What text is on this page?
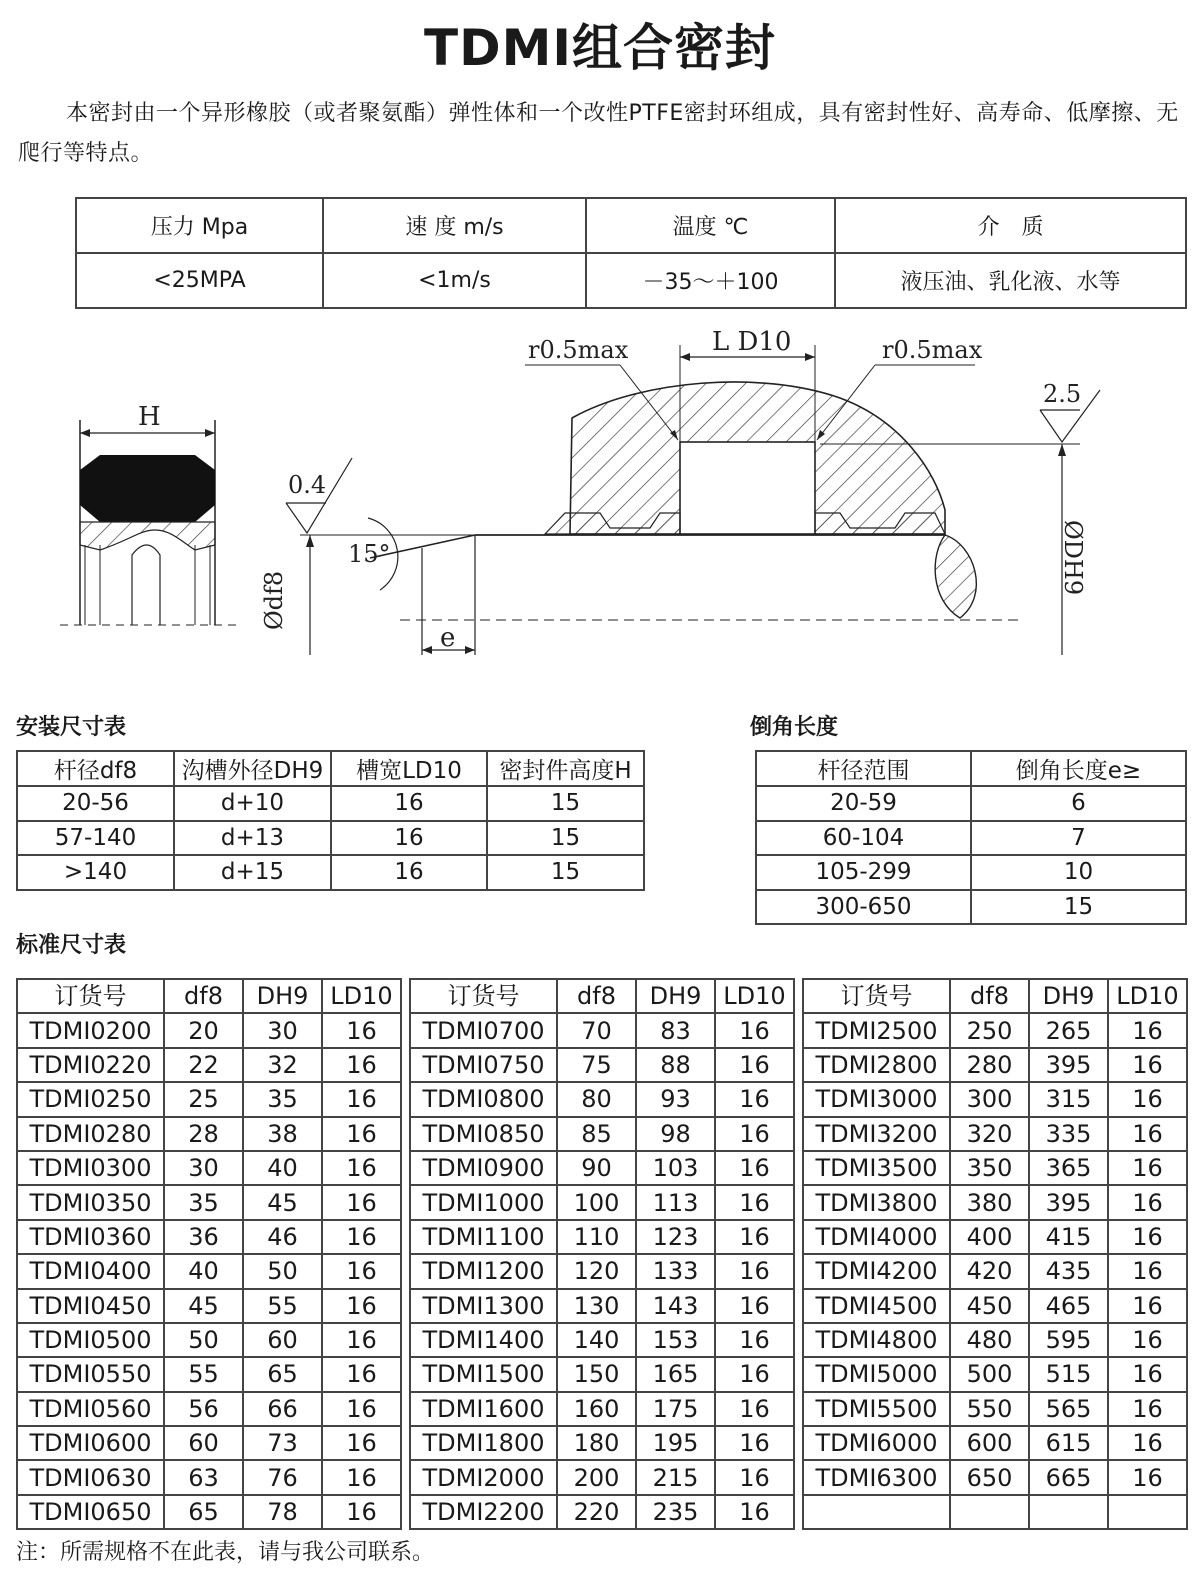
TDMI组合密封

本密封由一个异形橡胶（或者聚氨酯）弹性体和一个改性PTFE密封环组成，具有密封性好、高寿命、低摩擦、无爬行等特点。

压力 Mpa	速 度 m/s	温度 ℃	介　质
<25MPA	<1m/s	－35～＋100	液压油、乳化液、水等
H
e
L D10
r0.5max	r0.5max
2.5
ØDH9
0.4
Ødf8
15°
安装尺寸表
杆径df8	沟槽外径DH9	槽宽LD10	密封件高度H
20-56	d+10	16	15
57-140	d+13	16	15
>140	d+15	16	15
倒角长度
杆径范围	倒角长度e≥
20-59	6
60-104	7
105-299	10
300-650	15
标准尺寸表
订货号	df8	DH9	LD10
TDMI0200	20	30	16
TDMI0220	22	32	16
TDMI0250	25	35	16
TDMI0280	28	38	16
TDMI0300	30	40	16
TDMI0350	35	45	16
TDMI0360	36	46	16
TDMI0400	40	50	16
TDMI0450	45	55	16
TDMI0500	50	60	16
TDMI0550	55	65	16
TDMI0560	56	66	16
TDMI0600	60	73	16
TDMI0630	63	76	16
TDMI0650	65	78	16
订货号	df8	DH9	LD10
TDMI0700	70	83	16
TDMI0750	75	88	16
TDMI0800	80	93	16
TDMI0850	85	98	16
TDMI0900	90	103	16
TDMI1000	100	113	16
TDMI1100	110	123	16
TDMI1200	120	133	16
TDMI1300	130	143	16
TDMI1400	140	153	16
TDMI1500	150	165	16
TDMI1600	160	175	16
TDMI1800	180	195	16
TDMI2000	200	215	16
TDMI2200	220	235	16
订货号	df8	DH9	LD10
TDMI2500	250	265	16
TDMI2800	280	395	16
TDMI3000	300	315	16
TDMI3200	320	335	16
TDMI3500	350	365	16
TDMI3800	380	395	16
TDMI4000	400	415	16
TDMI4200	420	435	16
TDMI4500	450	465	16
TDMI4800	480	595	16
TDMI5000	500	515	16
TDMI5500	550	565	16
TDMI6000	600	615	16
TDMI6300	650	665	16

注：所需规格不在此表，请与我公司联系。
